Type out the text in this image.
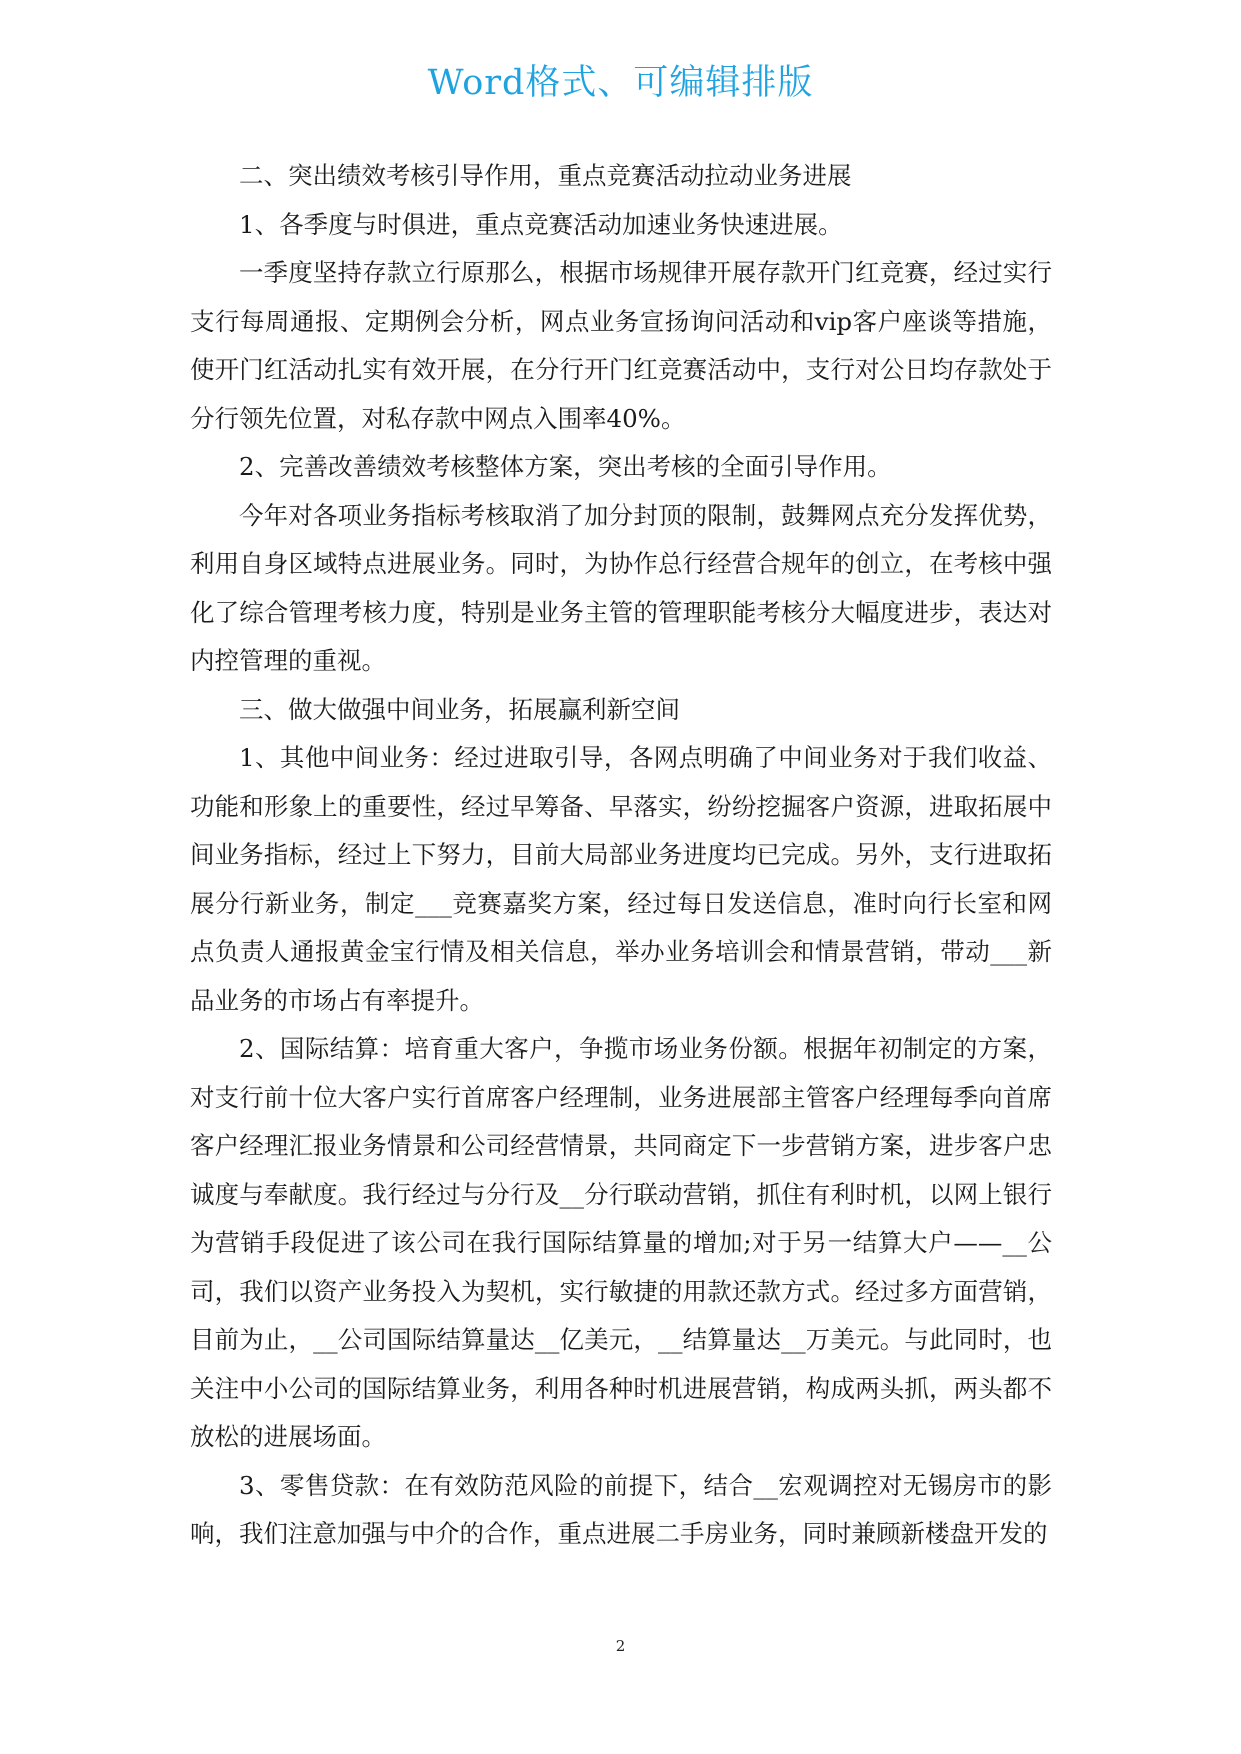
Word格式、可编辑排版

二、突出绩效考核引导作用，重点竞赛活动拉动业务进展

1、各季度与时俱进，重点竞赛活动加速业务快速进展。

一季度坚持存款立行原那么，根据市场规律开展存款开门红竞赛，经过实行支行每周通报、定期例会分析，网点业务宣扬询问活动和vip客户座谈等措施，使开门红活动扎实有效开展，在分行开门红竞赛活动中，支行对公日均存款处于分行领先位置，对私存款中网点入围率40%。

2、完善改善绩效考核整体方案，突出考核的全面引导作用。

今年对各项业务指标考核取消了加分封顶的限制，鼓舞网点充分发挥优势，利用自身区域特点进展业务。同时，为协作总行经营合规年的创立，在考核中强化了综合管理考核力度，特别是业务主管的管理职能考核分大幅度进步，表达对内控管理的重视。

三、做大做强中间业务，拓展赢利新空间

1、其他中间业务：经过进取引导，各网点明确了中间业务对于我们收益、功能和形象上的重要性，经过早筹备、早落实，纷纷挖掘客户资源，进取拓展中间业务指标，经过上下努力，目前大局部业务进度均已完成。另外，支行进取拓展分行新业务，制定___竞赛嘉奖方案，经过每日发送信息，准时向行长室和网点负责人通报黄金宝行情及相关信息，举办业务培训会和情景营销，带动___新品业务的市场占有率提升。

2、国际结算：培育重大客户，争揽市场业务份额。根据年初制定的方案，对支行前十位大客户实行首席客户经理制，业务进展部主管客户经理每季向首席客户经理汇报业务情景和公司经营情景，共同商定下一步营销方案，进步客户忠诚度与奉献度。我行经过与分行及__分行联动营销，抓住有利时机，以网上银行为营销手段促进了该公司在我行国际结算量的增加;对于另一结算大户——__公司，我们以资产业务投入为契机，实行敏捷的用款还款方式。经过多方面营销，目前为止，__公司国际结算量达__亿美元，__结算量达__万美元。与此同时，也关注中小公司的国际结算业务，利用各种时机进展营销，构成两头抓，两头都不放松的进展场面。

3、零售贷款：在有效防范风险的前提下，结合__宏观调控对无锡房市的影响，我们注意加强与中介的合作，重点进展二手房业务，同时兼顾新楼盘开发的

2
